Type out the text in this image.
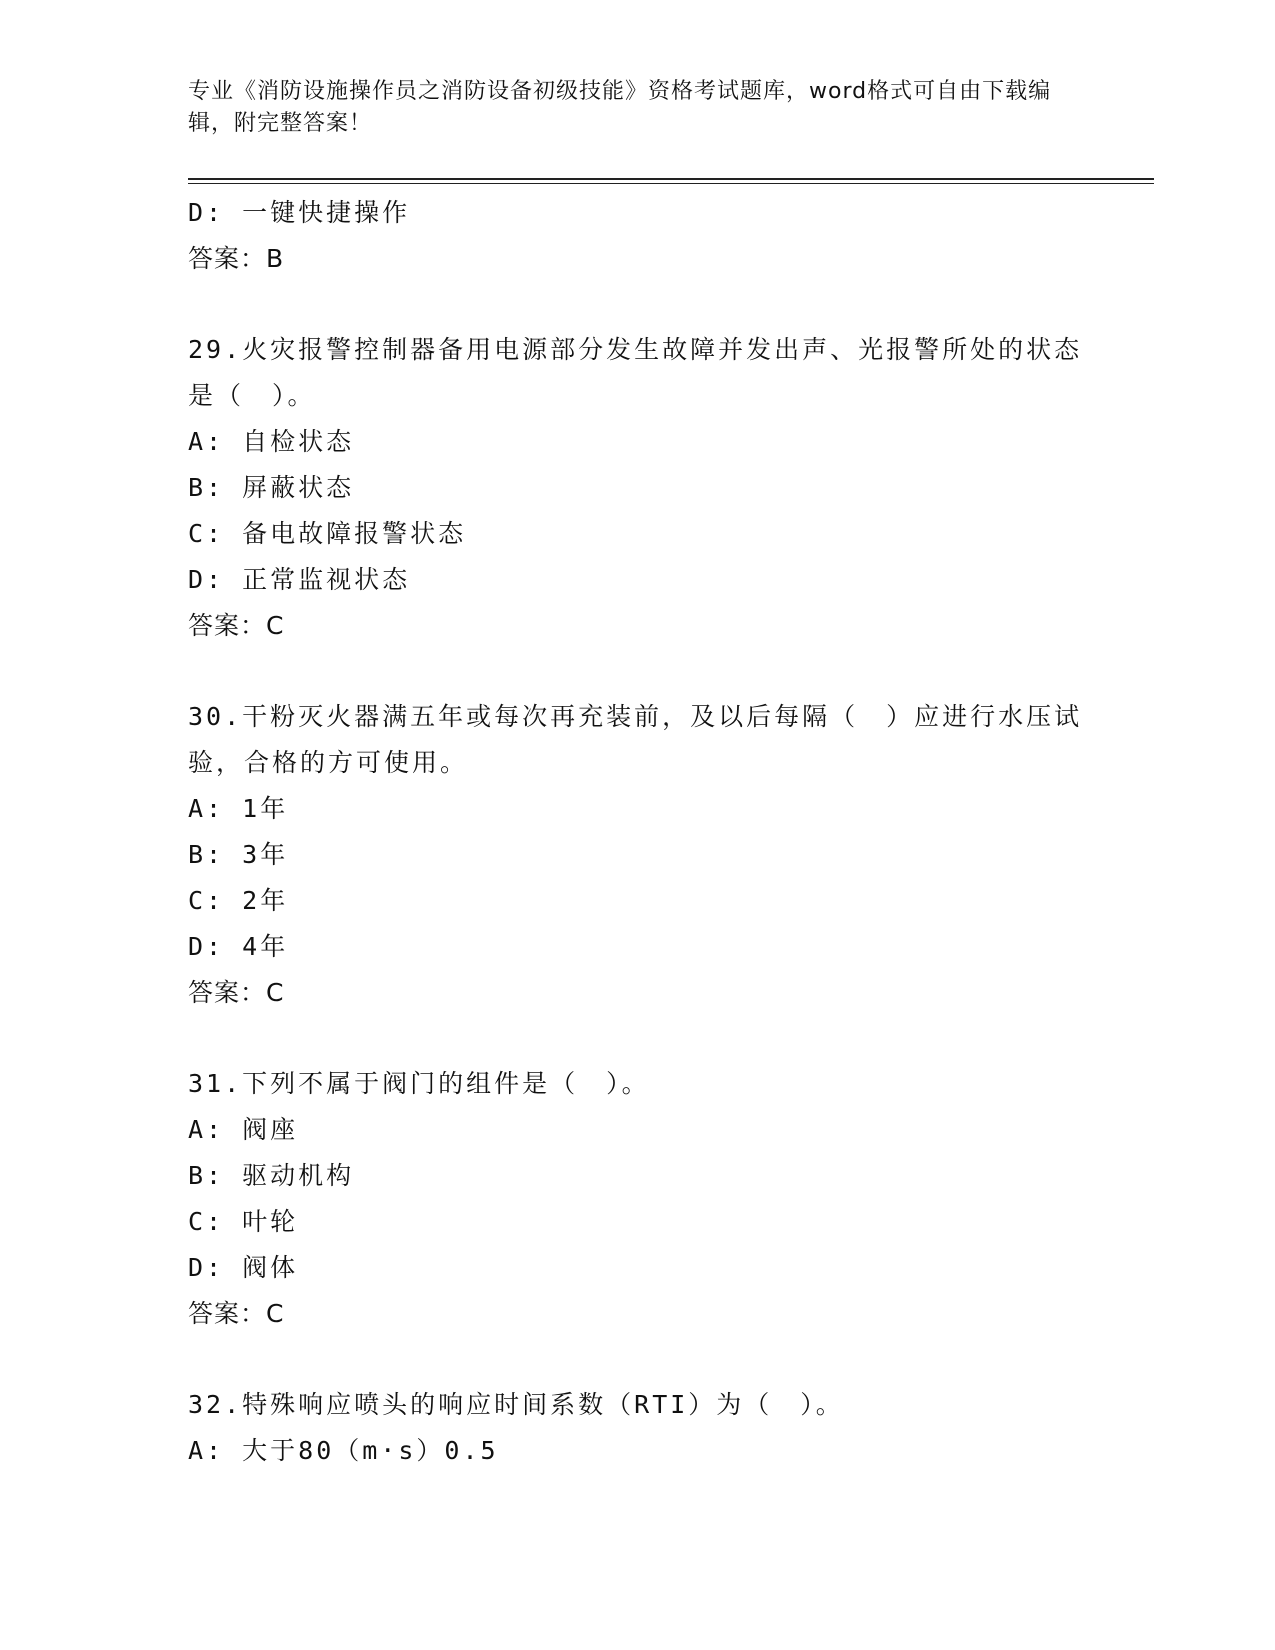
专业《消防设施操作员之消防设备初级技能》资格考试题库，word格式可自由下载编辑，附完整答案！
D: 一键快捷操作
答案：B
29.火灾报警控制器备用电源部分发生故障并发出声、光报警所处的状态是（　）。
A: 自检状态
B: 屏蔽状态
C: 备电故障报警状态
D: 正常监视状态
答案：C
30.干粉灭火器满五年或每次再充装前，及以后每隔（　）应进行水压试验，合格的方可使用。
A: 1年
B: 3年
C: 2年
D: 4年
答案：C
31.下列不属于阀门的组件是（　）。
A: 阀座
B: 驱动机构
C: 叶轮
D: 阀体
答案：C
32.特殊响应喷头的响应时间系数（RTI）为（　）。
A: 大于80（m·s）0.5
